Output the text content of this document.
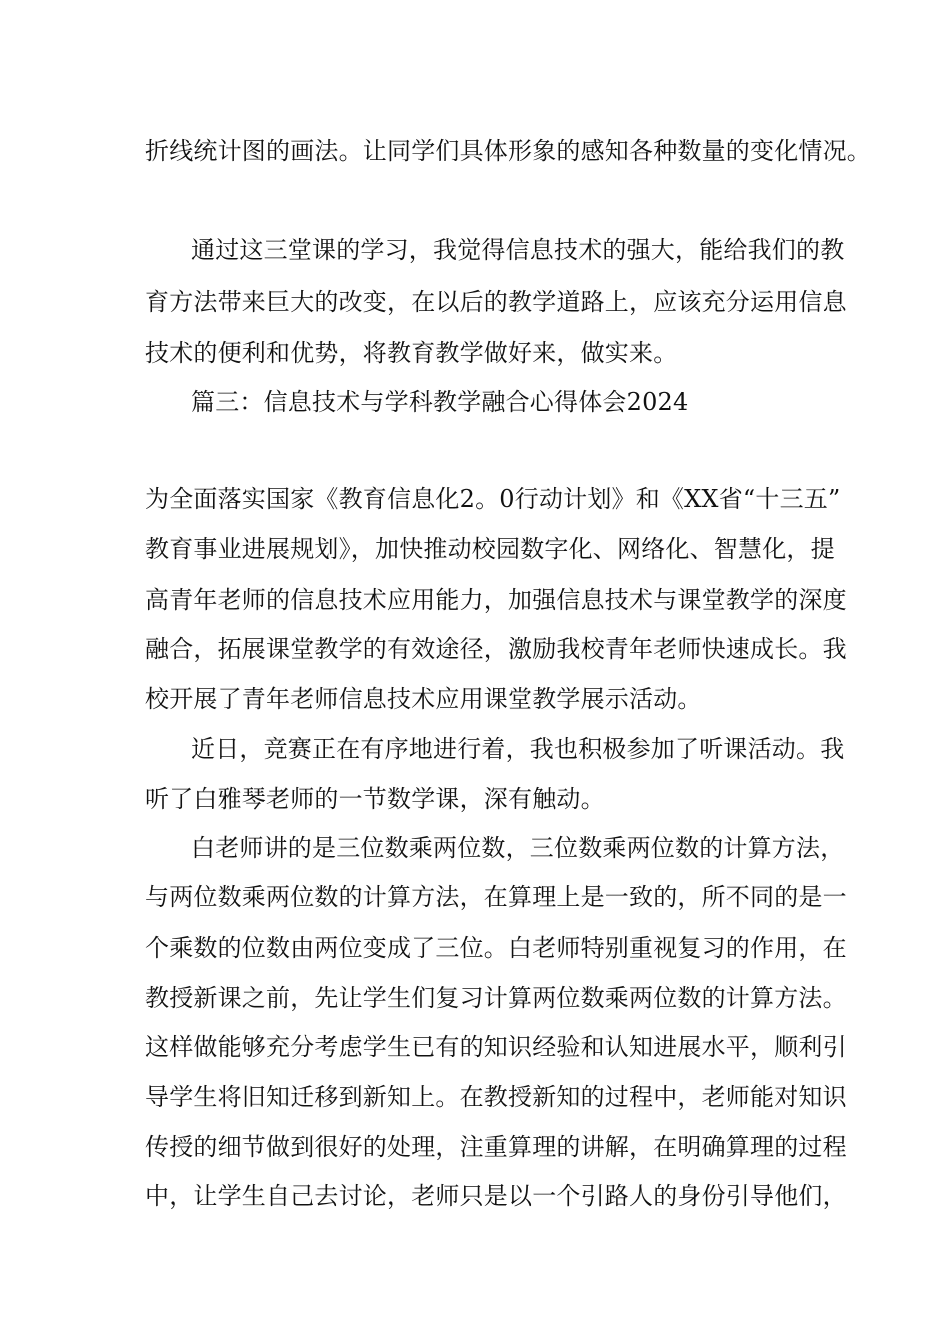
折线统计图的画法。让同学们具体形象的感知各种数量的变化情况。
通过这三堂课的学习，我觉得信息技术的强大，能给我们的教
育方法带来巨大的改变，在以后的教学道路上，应该充分运用信息
技术的便利和优势，将教育教学做好来，做实来。
篇三：信息技术与学科教学融合心得体会2024
为全面落实国家《教育信息化2。0行动计划》和《XX省“十三五”
教育事业进展规划》，加快推动校园数字化、网络化、智慧化，提
高青年老师的信息技术应用能力，加强信息技术与课堂教学的深度
融合，拓展课堂教学的有效途径，激励我校青年老师快速成长。我
校开展了青年老师信息技术应用课堂教学展示活动。
近日，竞赛正在有序地进行着，我也积极参加了听课活动。我
听了白雅琴老师的一节数学课，深有触动。
白老师讲的是三位数乘两位数，三位数乘两位数的计算方法，
与两位数乘两位数的计算方法，在算理上是一致的，所不同的是一
个乘数的位数由两位变成了三位。白老师特别重视复习的作用，在
教授新课之前，先让学生们复习计算两位数乘两位数的计算方法。
这样做能够充分考虑学生已有的知识经验和认知进展水平，顺利引
导学生将旧知迁移到新知上。在教授新知的过程中，老师能对知识
传授的细节做到很好的处理，注重算理的讲解，在明确算理的过程
中，让学生自己去讨论，老师只是以一个引路人的身份引导他们，
